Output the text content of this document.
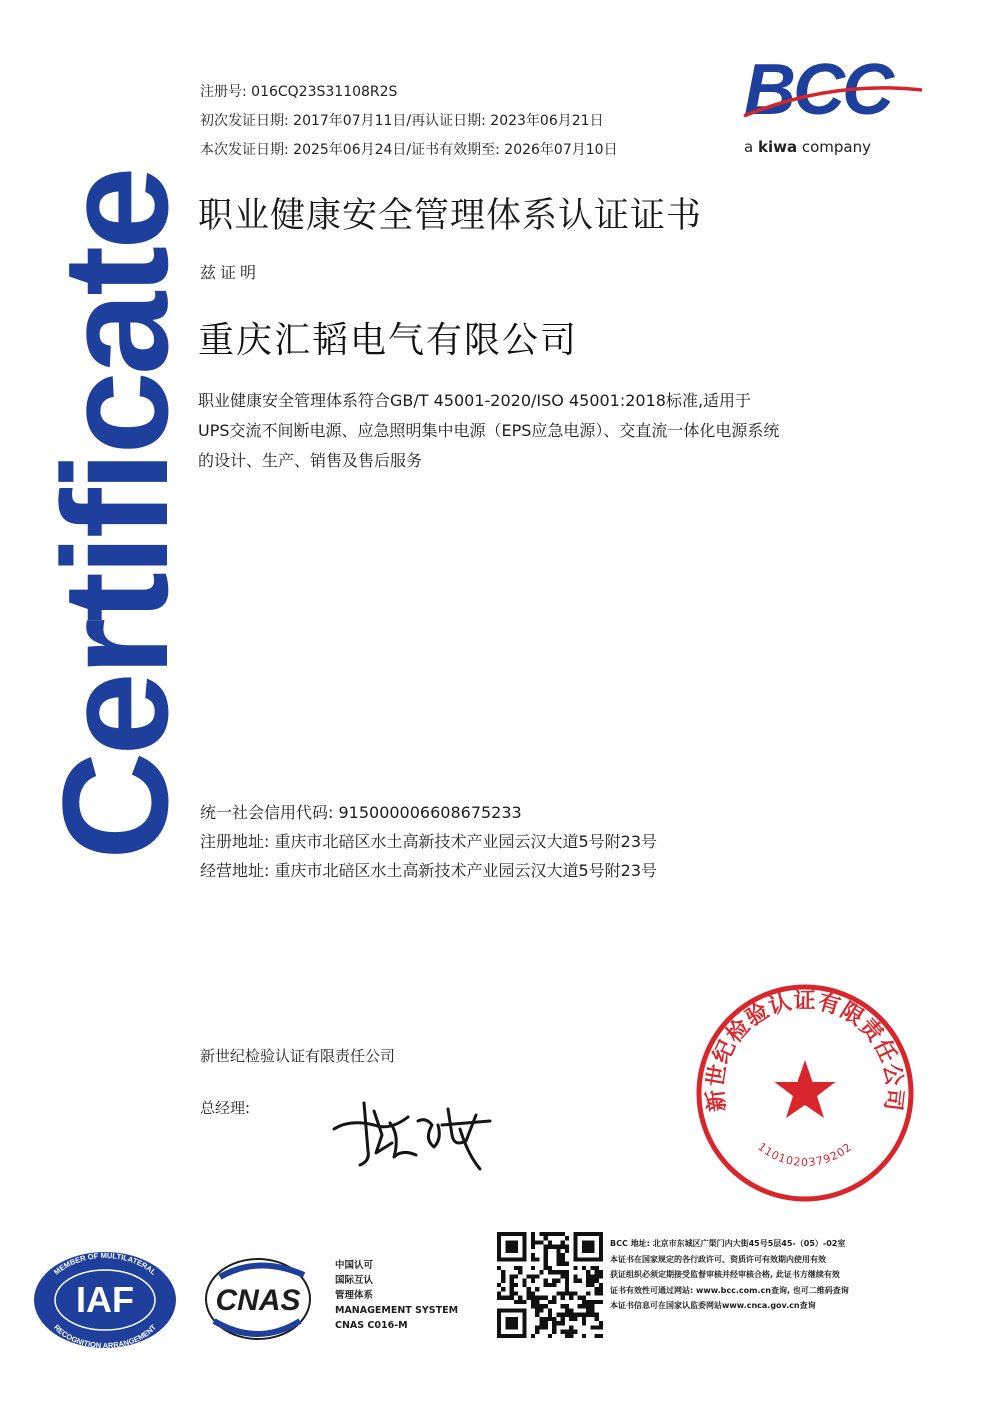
Certificate
注册号: 016CQ23S31108R2S
初次发证日期: 2017年07月11日/再认证日期: 2023年06月21日
本次发证日期: 2025年06月24日/证书有效期至: 2026年07月10日
BCC
a kiwa company
职业健康安全管理体系认证证书
兹证明
重庆汇韬电气有限公司
职业健康安全管理体系符合GB/T 45001-2020/ISO 45001:2018标准,适用于
UPS交流不间断电源、应急照明集中电源（EPS应急电源）、交直流一体化电源系统
的设计、生产、销售及售后服务
统一社会信用代码: 915000006608675233
注册地址: 重庆市北碚区水土高新技术产业园云汉大道5号附23号
经营地址: 重庆市北碚区水土高新技术产业园云汉大道5号附23号
新世纪检验认证有限责任公司
总经理:	新世纪检验认证有限责任公司
1101020379202
MEMBER OF MULTILATERAL
RECOGNITION ARRANGEMENT
IAF	CNAS
中国认可
国际互认
管理体系
MANAGEMENT SYSTEM
CNAS C016-M
BCC 地址: 北京市东城区广渠门内大街45号5层45-（05）-02室
本证书在国家规定的各行政许可、资质许可有效期内使用有效
获证组织必须定期接受监督审核并经审核合格, 此证书方继续有效
证书有效性可通过网站: www.bcc.com.cn查询, 也可二维码查询
本证书信息可在国家认监委网站www.cnca.gov.cn查询
